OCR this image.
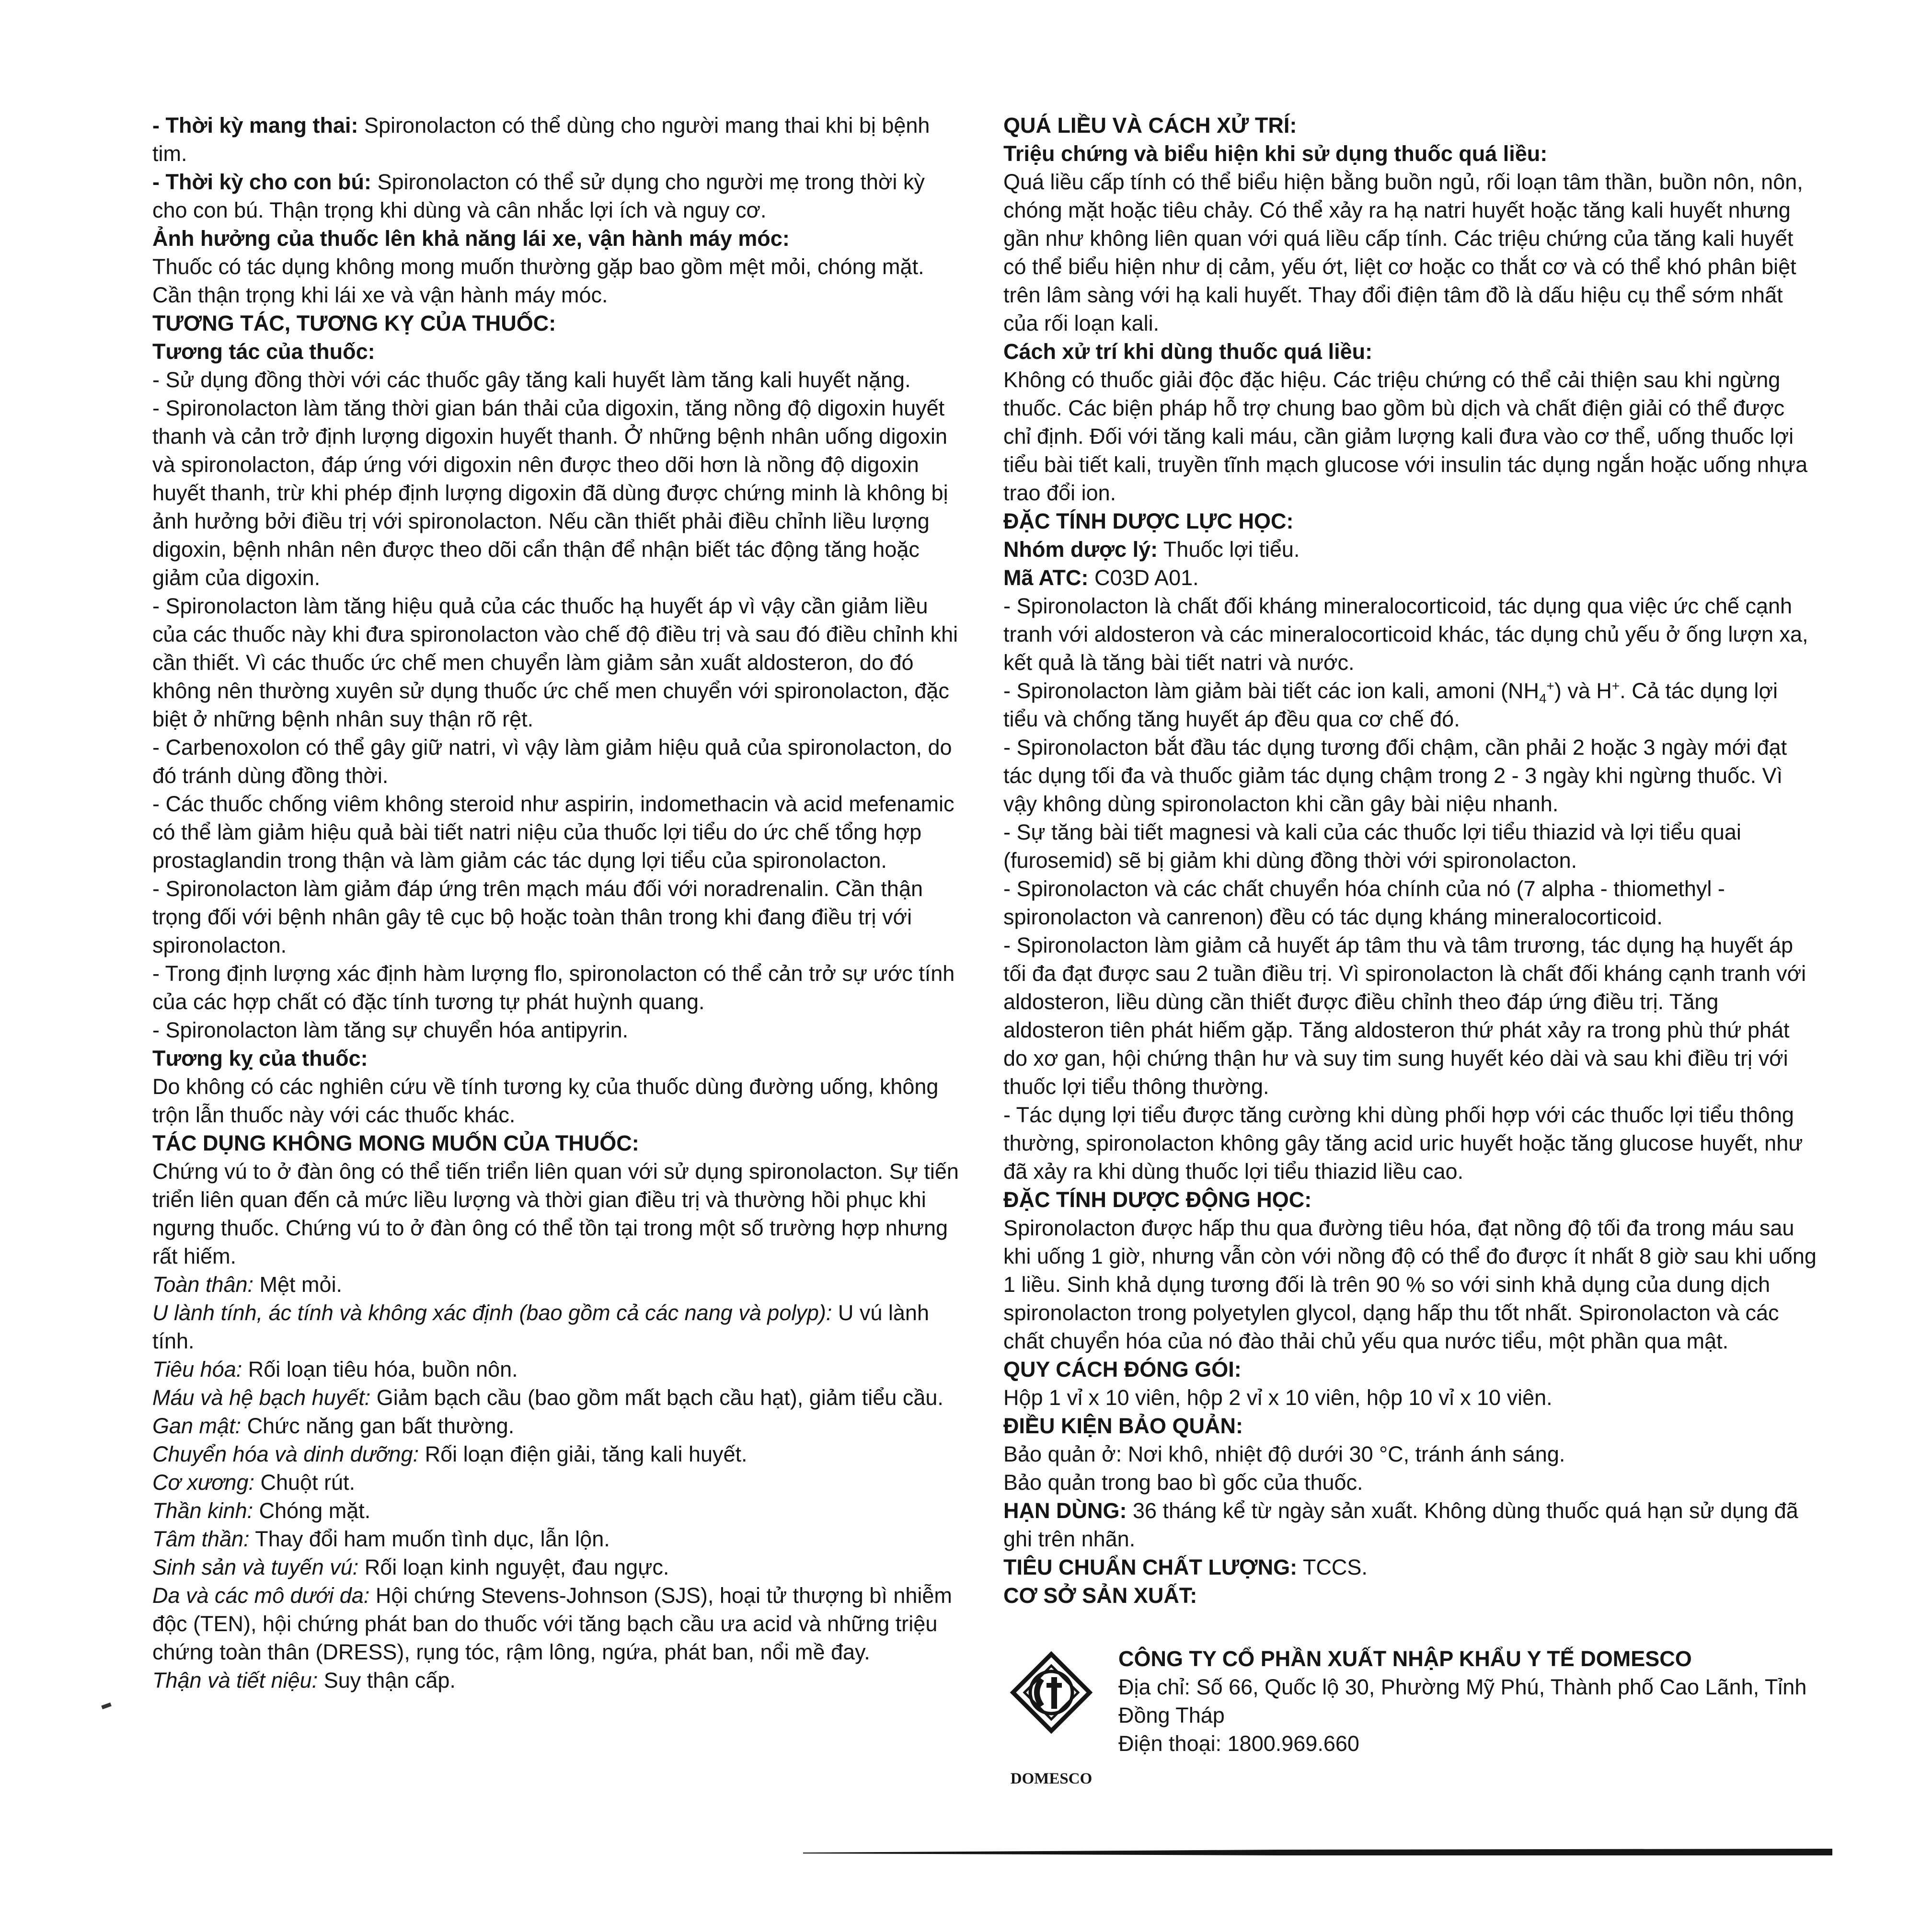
- Thời kỳ mang thai: Spironolacton có thể dùng cho người mang thai khi bị bệnh tim.

- Thời kỳ cho con bú: Spironolacton có thể sử dụng cho người mẹ trong thời kỳ cho con bú. Thận trọng khi dùng và cân nhắc lợi ích và nguy cơ.

Ảnh hưởng của thuốc lên khả năng lái xe, vận hành máy móc:

Thuốc có tác dụng không mong muốn thường gặp bao gồm mệt mỏi, chóng mặt. Cần thận trọng khi lái xe và vận hành máy móc.

TƯƠNG TÁC, TƯƠNG KỴ CỦA THUỐC:

Tương tác của thuốc:

- Sử dụng đồng thời với các thuốc gây tăng kali huyết làm tăng kali huyết nặng.

- Spironolacton làm tăng thời gian bán thải của digoxin, tăng nồng độ digoxin huyết thanh và cản trở định lượng digoxin huyết thanh. Ở những bệnh nhân uống digoxin và spironolacton, đáp ứng với digoxin nên được theo dõi hơn là nồng độ digoxin huyết thanh, trừ khi phép định lượng digoxin đã dùng được chứng minh là không bị ảnh hưởng bởi điều trị với spironolacton. Nếu cần thiết phải điều chỉnh liều lượng digoxin, bệnh nhân nên được theo dõi cẩn thận để nhận biết tác động tăng hoặc giảm của digoxin.

- Spironolacton làm tăng hiệu quả của các thuốc hạ huyết áp vì vậy cần giảm liều của các thuốc này khi đưa spironolacton vào chế độ điều trị và sau đó điều chỉnh khi cần thiết. Vì các thuốc ức chế men chuyển làm giảm sản xuất aldosteron, do đó không nên thường xuyên sử dụng thuốc ức chế men chuyển với spironolacton, đặc biệt ở những bệnh nhân suy thận rõ rệt.

- Carbenoxolon có thể gây giữ natri, vì vậy làm giảm hiệu quả của spironolacton, do đó tránh dùng đồng thời.

- Các thuốc chống viêm không steroid như aspirin, indomethacin và acid mefenamic có thể làm giảm hiệu quả bài tiết natri niệu của thuốc lợi tiểu do ức chế tổng hợp prostaglandin trong thận và làm giảm các tác dụng lợi tiểu của spironolacton.

- Spironolacton làm giảm đáp ứng trên mạch máu đối với noradrenalin. Cần thận trọng đối với bệnh nhân gây tê cục bộ hoặc toàn thân trong khi đang điều trị với spironolacton.

- Trong định lượng xác định hàm lượng flo, spironolacton có thể cản trở sự ước tính của các hợp chất có đặc tính tương tự phát huỳnh quang.

- Spironolacton làm tăng sự chuyển hóa antipyrin.

Tương kỵ của thuốc:

Do không có các nghiên cứu về tính tương kỵ của thuốc dùng đường uống, không trộn lẫn thuốc này với các thuốc khác.

TÁC DỤNG KHÔNG MONG MUỐN CỦA THUỐC:

Chứng vú to ở đàn ông có thể tiến triển liên quan với sử dụng spironolacton. Sự tiến triển liên quan đến cả mức liều lượng và thời gian điều trị và thường hồi phục khi ngưng thuốc. Chứng vú to ở đàn ông có thể tồn tại trong một số trường hợp nhưng rất hiếm.

Toàn thân: Mệt mỏi.

U lành tính, ác tính và không xác định (bao gồm cả các nang và polyp): U vú lành tính.

Tiêu hóa: Rối loạn tiêu hóa, buồn nôn.

Máu và hệ bạch huyết: Giảm bạch cầu (bao gồm mất bạch cầu hạt), giảm tiểu cầu.

Gan mật: Chức năng gan bất thường.

Chuyển hóa và dinh dưỡng: Rối loạn điện giải, tăng kali huyết.

Cơ xương: Chuột rút.

Thần kinh: Chóng mặt.

Tâm thần: Thay đổi ham muốn tình dục, lẫn lộn.

Sinh sản và tuyến vú: Rối loạn kinh nguyệt, đau ngực.

Da và các mô dưới da: Hội chứng Stevens-Johnson (SJS), hoại tử thượng bì nhiễm độc (TEN), hội chứng phát ban do thuốc với tăng bạch cầu ưa acid và những triệu chứng toàn thân (DRESS), rụng tóc, rậm lông, ngứa, phát ban, nổi mề đay.

Thận và tiết niệu: Suy thận cấp.

QUÁ LIỀU VÀ CÁCH XỬ TRÍ:

Triệu chứng và biểu hiện khi sử dụng thuốc quá liều:

Quá liều cấp tính có thể biểu hiện bằng buồn ngủ, rối loạn tâm thần, buồn nôn, nôn, chóng mặt hoặc tiêu chảy. Có thể xảy ra hạ natri huyết hoặc tăng kali huyết nhưng gần như không liên quan với quá liều cấp tính. Các triệu chứng của tăng kali huyết có thể biểu hiện như dị cảm, yếu ớt, liệt cơ hoặc co thắt cơ và có thể khó phân biệt trên lâm sàng với hạ kali huyết. Thay đổi điện tâm đồ là dấu hiệu cụ thể sớm nhất của rối loạn kali.

Cách xử trí khi dùng thuốc quá liều:

Không có thuốc giải độc đặc hiệu. Các triệu chứng có thể cải thiện sau khi ngừng thuốc. Các biện pháp hỗ trợ chung bao gồm bù dịch và chất điện giải có thể được chỉ định. Đối với tăng kali máu, cần giảm lượng kali đưa vào cơ thể, uống thuốc lợi tiểu bài tiết kali, truyền tĩnh mạch glucose với insulin tác dụng ngắn hoặc uống nhựa trao đổi ion.

ĐẶC TÍNH DƯỢC LỰC HỌC:

Nhóm dược lý: Thuốc lợi tiểu.

Mã ATC: C03D A01.

- Spironolacton là chất đối kháng mineralocorticoid, tác dụng qua việc ức chế cạnh tranh với aldosteron và các mineralocorticoid khác, tác dụng chủ yếu ở ống lượn xa, kết quả là tăng bài tiết natri và nước.

- Spironolacton làm giảm bài tiết các ion kali, amoni $(NH_4^+)$ và H+. Cả tác dụng lợi tiểu và chống tăng huyết áp đều qua cơ chế đó.

- Spironolacton bắt đầu tác dụng tương đối chậm, cần phải 2 hoặc 3 ngày mới đạt tác dụng tối đa và thuốc giảm tác dụng chậm trong 2 - 3 ngày khi ngừng thuốc. Vì vậy không dùng spironolacton khi cần gây bài niệu nhanh.

- Sự tăng bài tiết magnesi và kali của các thuốc lợi tiểu thiazid và lợi tiểu quai (furosemid) sẽ bị giảm khi dùng đồng thời với spironolacton.

- Spironolacton và các chất chuyển hóa chính của nó (7 alpha - thiomethyl - spironolacton và canrenon) đều có tác dụng kháng mineralocorticoid.

- Spironolacton làm giảm cả huyết áp tâm thu và tâm trương, tác dụng hạ huyết áp tối đa đạt được sau 2 tuần điều trị. Vì spironolacton là chất đối kháng cạnh tranh với aldosteron, liều dùng cần thiết được điều chỉnh theo đáp ứng điều trị. Tăng aldosteron tiên phát hiếm gặp. Tăng aldosteron thứ phát xảy ra trong phù thứ phát do xơ gan, hội chứng thận hư và suy tim sung huyết kéo dài và sau khi điều trị với thuốc lợi tiểu thông thường.

- Tác dụng lợi tiểu được tăng cường khi dùng phối hợp với các thuốc lợi tiểu thông thường, spironolacton không gây tăng acid uric huyết hoặc tăng glucose huyết, như đã xảy ra khi dùng thuốc lợi tiểu thiazid liều cao.

ĐẶC TÍNH DƯỢC ĐỘNG HỌC:

Spironolacton được hấp thu qua đường tiêu hóa, đạt nồng độ tối đa trong máu sau khi uống 1 giờ, nhưng vẫn còn với nồng độ có thể đo được ít nhất 8 giờ sau khi uống 1 liều. Sinh khả dụng tương đối là trên 90 % so với sinh khả dụng của dung dịch spironolacton trong polyetylen glycol, dạng hấp thu tốt nhất. Spironolacton và các chất chuyển hóa của nó đào thải chủ yếu qua nước tiểu, một phần qua mật.

QUY CÁCH ĐÓNG GÓI:

Hộp 1 vỉ x 10 viên, hộp 2 vỉ x 10 viên, hộp 10 vỉ x 10 viên.

ĐIỀU KIỆN BẢO QUẢN:

Bảo quản ở: Nơi khô, nhiệt độ dưới 30 °C, tránh ánh sáng.

Bảo quản trong bao bì gốc của thuốc.

HẠN DÙNG: 36 tháng kể từ ngày sản xuất. Không dùng thuốc quá hạn sử dụng đã ghi trên nhãn.

TIÊU CHUẨN CHẤT LƯỢNG: TCCS.

CƠ SỞ SẢN XUẤT:

DOMESCO

CÔNG TY CỔ PHẦN XUẤT NHẬP KHẨU Y TẾ DOMESCO

Địa chỉ: Số 66, Quốc lộ 30, Phường Mỹ Phú, Thành phố Cao Lãnh, Tỉnh Đồng Tháp

Điện thoại: 1800.969.660
